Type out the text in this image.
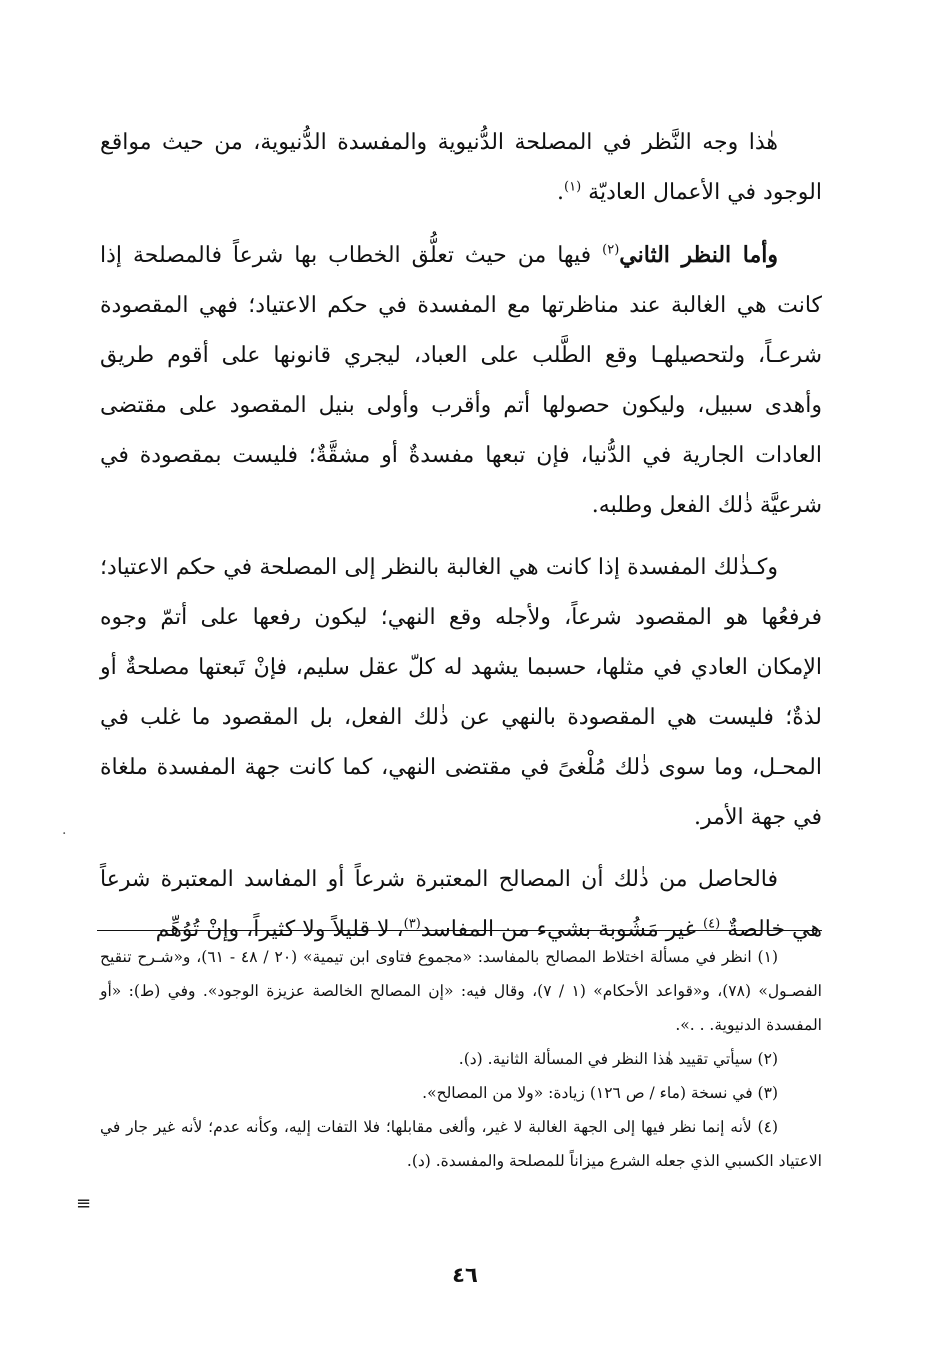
هٰذا وجه النَّظر في المصلحة الدُّنيوية والمفسدة الدُّنيوية، من حيث مواقع الوجود في الأعمال العاديّة $^{(١)}$.

وأما النظر الثاني$^{(٢)}$ فيها من حيث تعلُّق الخطاب بها شرعاً فالمصلحة إذا كانت هي الغالبة عند مناظرتها مع المفسدة في حكم الاعتياد؛ فهي المقصودة شرعـاً، ولتحصيلهـا وقع الطَّلب على العباد، ليجري قانونها على أقوم طريق وأهدى سبيل، وليكون حصولها أتم وأقرب وأولى بنيل المقصود على مقتضى العادات الجارية في الدُّنيا، فإن تبعها مفسدةٌ أو مشقَّةٌ؛ فليست بمقصودة في شرعيَّة ذٰلك الفعل وطلبه.

وكـذٰلك المفسدة إذا كانت هي الغالبة بالنظر إلى المصلحة في حكم الاعتياد؛ فرفعُها هو المقصود شرعاً، ولأجله وقع النهي؛ ليكون رفعها على أتمّ وجوه الإمكان العادي في مثلها، حسبما يشهد له كلّ عقل سليم، فإنْ تَبعتها مصلحةٌ أو لذةٌ؛ فليست هي المقصودة بالنهي عن ذٰلك الفعل، بل المقصود ما غلب في المحـل، وما سوى ذٰلك مُلْغىً في مقتضى النهي، كما كانت جهة المفسدة ملغاة في جهة الأمر.

فالحاصل من ذٰلك أن المصالح المعتبرة شرعاً أو المفاسد المعتبرة شرعاً هي خالصةٌ $^{(٤)}$ غير مَشُوبة بشيء من المفاسد$^{(٣)}$، لا قليلاً ولا كثيراً، وإنْ تُوُهِّم

(١) انظر في مسألة اختلاط المصالح بالمفاسد: «مجموع فتاوى ابن تيمية» (٢٠ / ٤٨ - ٦١)، و«شـرح تنقيح الفصـول» (٧٨)، و«قواعد الأحكام» (١ / ٧)، وقال فيه: «إن المصالح الخالصة عزيزة الوجود». وفي (ط): «أو المفسدة الدنيوية. . .».

(٢) سيأتي تقييد هٰذا النظر في المسألة الثانية. (د).

(٣) في نسخة (ماء / ص ١٢٦) زيادة: «ولا من المصالح».

(٤) لأنه إنما نظر فيها إلى الجهة الغالبة لا غير، وألغى مقابلها؛ فلا التفات إليه، وكأنه عدم؛ لأنه غير جار في الاعتياد الكسبي الذي جعله الشرع ميزاناً للمصلحة والمفسدة. (د).

·
≡
٤٦
